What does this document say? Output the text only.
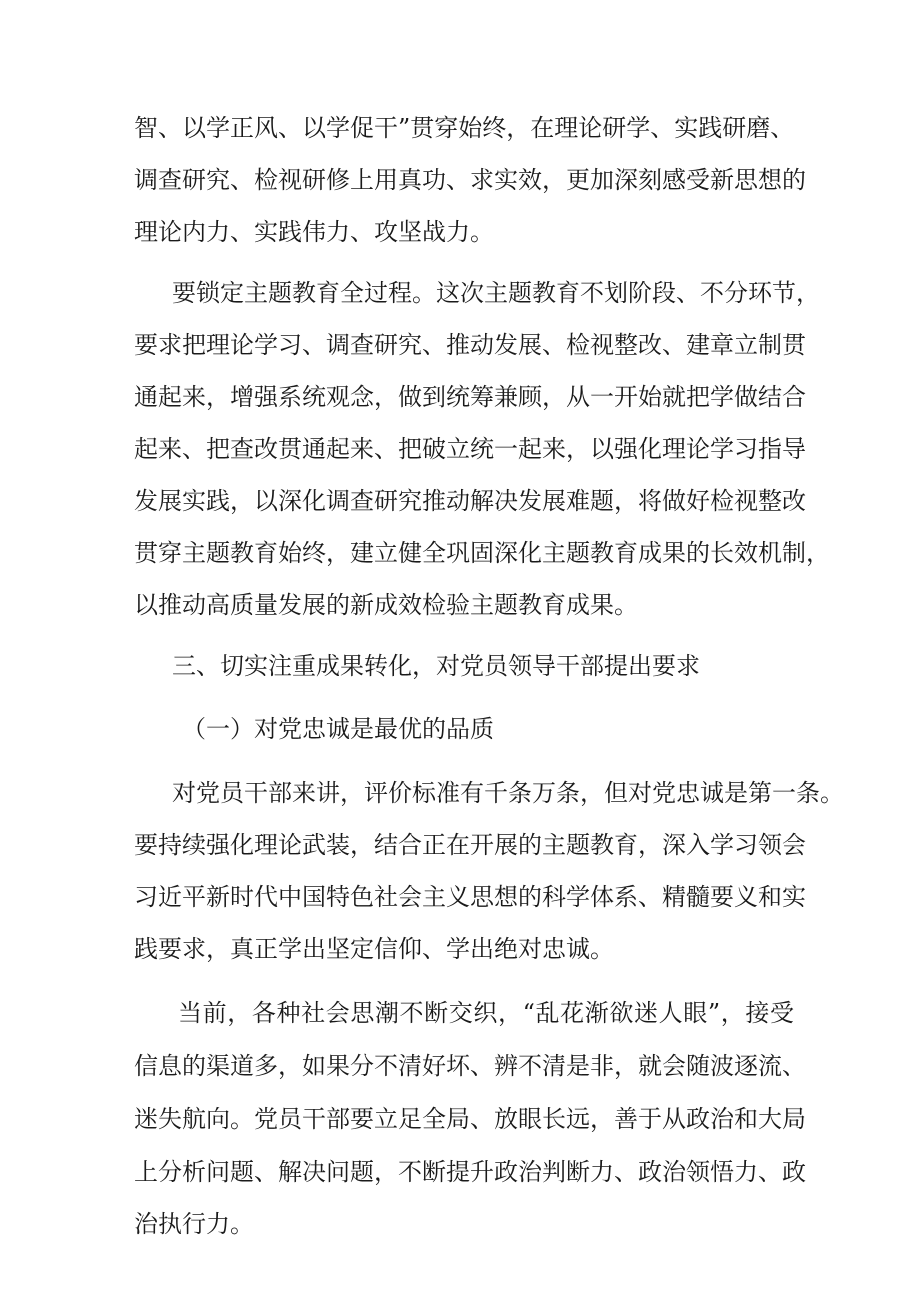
智、以学正风、以学促干”贯穿始终，在理论研学、实践研磨、
调查研究、检视研修上用真功、求实效，更加深刻感受新思想的
理论内力、实践伟力、攻坚战力。
要锁定主题教育全过程。这次主题教育不划阶段、不分环节，
要求把理论学习、调查研究、推动发展、检视整改、建章立制贯
通起来，增强系统观念，做到统筹兼顾，从一开始就把学做结合
起来、把查改贯通起来、把破立统一起来，以强化理论学习指导
发展实践，以深化调查研究推动解决发展难题，将做好检视整改
贯穿主题教育始终，建立健全巩固深化主题教育成果的长效机制，
以推动高质量发展的新成效检验主题教育成果。
三、切实注重成果转化，对党员领导干部提出要求
（一）对党忠诚是最优的品质
对党员干部来讲，评价标准有千条万条，但对党忠诚是第一条。
要持续强化理论武装，结合正在开展的主题教育，深入学习领会
习近平新时代中国特色社会主义思想的科学体系、精髓要义和实
践要求，真正学出坚定信仰、学出绝对忠诚。
当前，各种社会思潮不断交织，“乱花渐欲迷人眼”，接受
信息的渠道多，如果分不清好坏、辨不清是非，就会随波逐流、
迷失航向。党员干部要立足全局、放眼长远，善于从政治和大局
上分析问题、解决问题，不断提升政治判断力、政治领悟力、政
治执行力。
